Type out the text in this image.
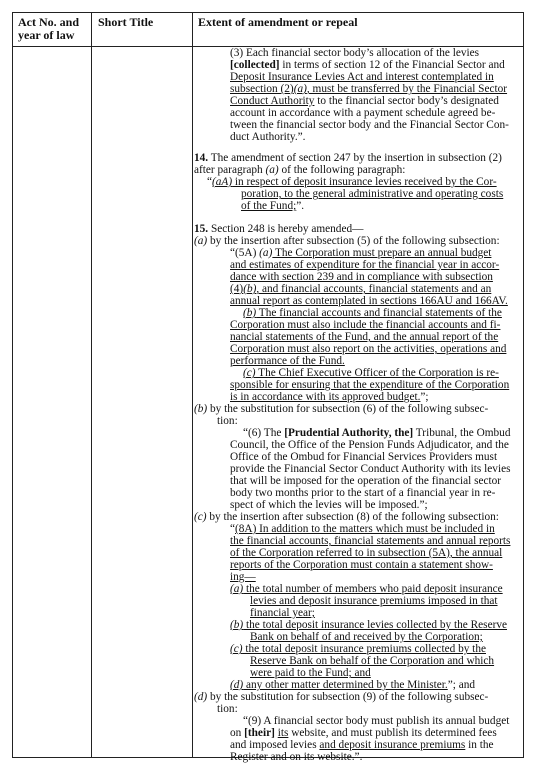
Act No. and
year of law
Short Title	Extent of amendment or repeal
(3) Each financial sector body’s allocation of the levies
[collected] in terms of section 12 of the Financial Sector and
Deposit Insurance Levies Act and interest contemplated in
subsection (2)(a), must be transferred by the Financial Sector
Conduct Authority to the financial sector body’s designated
account in accordance with a payment schedule agreed be-
tween the financial sector body and the Financial Sector Con-
duct Authority.”.
14. The amendment of section 247 by the insertion in subsection (2)
after paragraph (a) of the following paragraph:
“(aA) in respect of deposit insurance levies received by the Cor-
poration, to the general administrative and operating costs
of the Fund;”.
15. Section 248 is hereby amended—
(a) by the insertion after subsection (5) of the following subsection:
“(5A) (a) The Corporation must prepare an annual budget
and estimates of expenditure for the financial year in accor-
dance with section 239 and in compliance with subsection
(4)(b), and financial accounts, financial statements and an
annual report as contemplated in sections 166AU and 166AV.
(b) The financial accounts and financial statements of the
Corporation must also include the financial accounts and fi-
nancial statements of the Fund, and the annual report of the
Corporation must also report on the activities, operations and
performance of the Fund.
(c) The Chief Executive Officer of the Corporation is re-
sponsible for ensuring that the expenditure of the Corporation
is in accordance with its approved budget.”;
(b) by the substitution for subsection (6) of the following subsec-
tion:
“(6) The [Prudential Authority, the] Tribunal, the Ombud
Council, the Office of the Pension Funds Adjudicator, and the
Office of the Ombud for Financial Services Providers must
provide the Financial Sector Conduct Authority with its levies
that will be imposed for the operation of the financial sector
body two months prior to the start of a financial year in re-
spect of which the levies will be imposed.”;
(c) by the insertion after subsection (8) of the following subsection:
“(8A) In addition to the matters which must be included in
the financial accounts, financial statements and annual reports
of the Corporation referred to in subsection (5A), the annual
reports of the Corporation must contain a statement show-
ing—
(a) the total number of members who paid deposit insurance
levies and deposit insurance premiums imposed in that
financial year;
(b) the total deposit insurance levies collected by the Reserve
Bank on behalf of and received by the Corporation;
(c) the total deposit insurance premiums collected by the
Reserve Bank on behalf of the Corporation and which
were paid to the Fund; and
(d) any other matter determined by the Minister.”; and
(d) by the substitution for subsection (9) of the following subsec-
tion:
“(9) A financial sector body must publish its annual budget
on [their] its website, and must publish its determined fees
and imposed levies and deposit insurance premiums in the
Register and on its website.”.
